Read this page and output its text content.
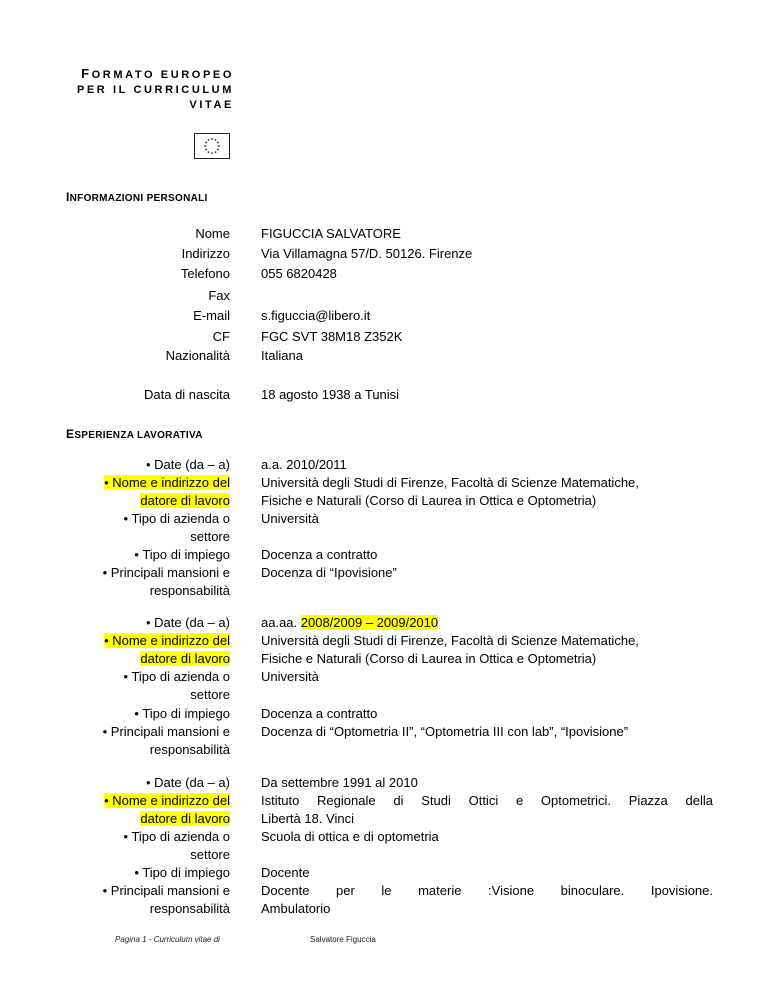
FORMATO EUROPEO
PER IL CURRICULUM
VITAE
INFORMAZIONI PERSONALI
Nome FIGUCCIA SALVATORE
Indirizzo Via Villamagna 57/D. 50126. Firenze
Telefono 055 6820428
Fax
E-mail s.figuccia@libero.it
CF FGC SVT 38M18 Z352K
Nazionalità Italiana
Data di nascita 18 agosto 1938 a Tunisi
ESPERIENZA LAVORATIVA
• Date (da – a)
• Nome e indirizzo del
datore di lavoro
• Tipo di azienda o
settore
• Tipo di impiego
• Principali mansioni e
responsabilità
a.a. 2010/2011
Università degli Studi di Firenze, Facoltà di Scienze Matematiche,
Fisiche e Naturali (Corso di Laurea in Ottica e Optometria)
Università
Docenza a contratto
Docenza di “Ipovisione”
• Date (da – a)
• Nome e indirizzo del
datore di lavoro
• Tipo di azienda o
settore
• Tipo di impiego
• Principali mansioni e
responsabilità
aa.aa. 2008/2009 – 2009/2010
Università degli Studi di Firenze, Facoltà di Scienze Matematiche,
Fisiche e Naturali (Corso di Laurea in Ottica e Optometria)
Università
Docenza a contratto
Docenza di “Optometria II”, “Optometria III con lab”, “Ipovisione”
• Date (da – a)
• Nome e indirizzo del
datore di lavoro
• Tipo di azienda o
settore
• Tipo di impiego
• Principali mansioni e
responsabilità
Da settembre 1991 al 2010
Istituto Regionale di Studi Ottici e Optometrici. Piazza della
Libertà 18. Vinci
Scuola di ottica e di optometria
Docente
Docente per le materie :Visione binoculare. Ipovisione.
Ambulatorio
Pagina 1 - Curriculum vitae di	Salvatore Figuccia
